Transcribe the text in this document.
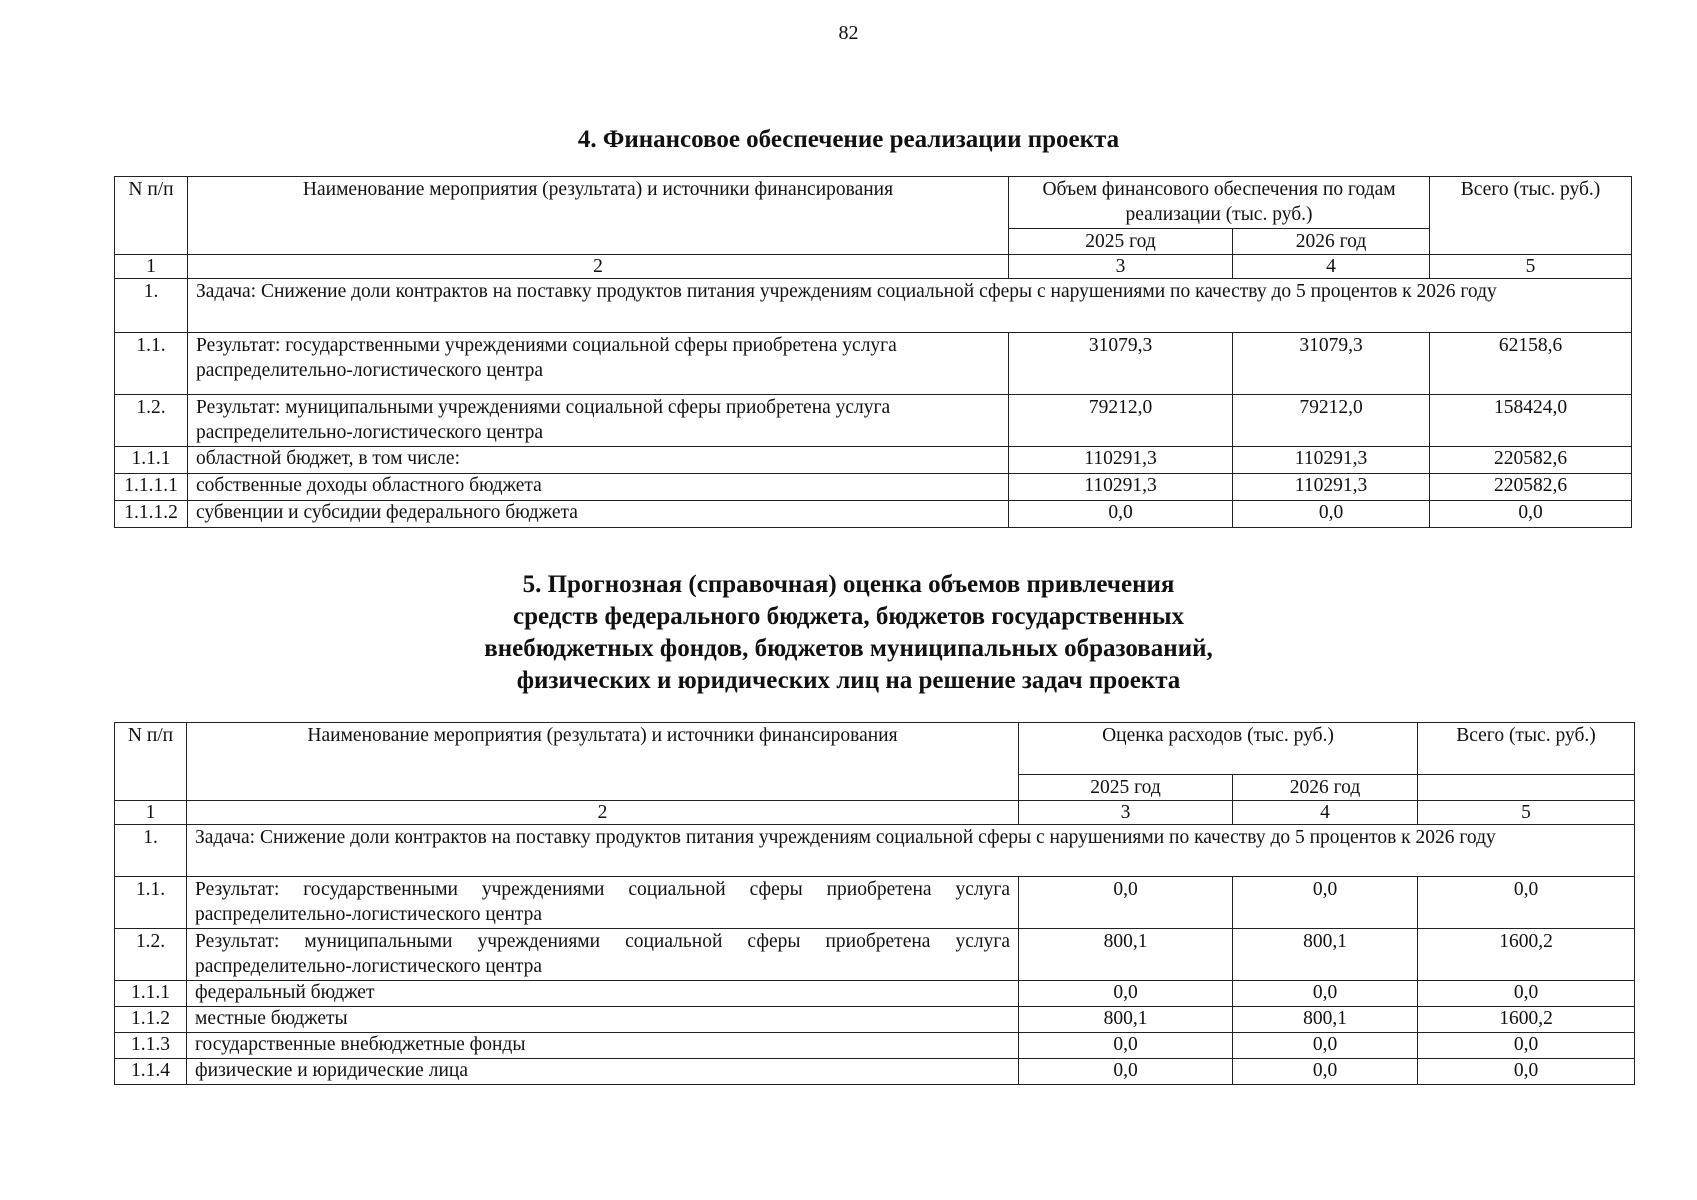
82
4. Финансовое обеспечение реализации проекта
N п/п	Наименование мероприятия (результата) и источники финансирования	Объем финансового обеспечения по годам реализации (тыс. руб.)		Всего (тыс. руб.)
		2025 год	2026 год	
1	2	3	4	5
1.	Задача: Снижение доли контрактов на поставку продуктов питания учреждениям социальной сферы с нарушениями по качеству до 5 процентов к 2026 году			
1.1.	Результат: государственными учреждениями социальной сферы приобретена услуга распределительно-логистического центра	31079,3	31079,3	62158,6
1.2.	Результат: муниципальными учреждениями социальной сферы приобретена услуга распределительно-логистического центра	79212,0	79212,0	158424,0
1.1.1	областной бюджет, в том числе:	110291,3	110291,3	220582,6
1.1.1.1	собственные доходы областного бюджета	110291,3	110291,3	220582,6
1.1.1.2	субвенции и субсидии федерального бюджета	0,0	0,0	0,0
5. Прогнозная (справочная) оценка объемов привлечения
средств федерального бюджета, бюджетов государственных
внебюджетных фондов, бюджетов муниципальных образований,
физических и юридических лиц на решение задач проекта
N п/п	Наименование мероприятия (результата) и источники финансирования	Оценка расходов (тыс. руб.)		Всего (тыс. руб.)
		2025 год	2026 год	
1	2	3	4	5
1.	Задача: Снижение доли контрактов на поставку продуктов питания учреждениям социальной сферы с нарушениями по качеству до 5 процентов к 2026 году			
1.1.	Результат: государственными учреждениями социальной сферы приобретена услуга распределительно-логистического центра	0,0	0,0	0,0
1.2.	Результат: муниципальными учреждениями социальной сферы приобретена услуга распределительно-логистического центра	800,1	800,1	1600,2
1.1.1	федеральный бюджет	0,0	0,0	0,0
1.1.2	местные бюджеты	800,1	800,1	1600,2
1.1.3	государственные внебюджетные фонды	0,0	0,0	0,0
1.1.4	физические и юридические лица	0,0	0,0	0,0
